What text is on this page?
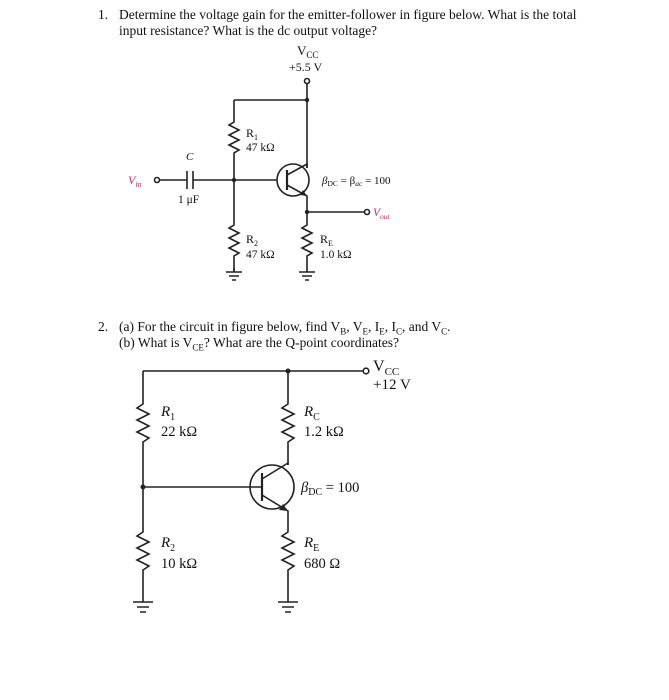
1. Determine the voltage gain for the emitter-follower in figure below. What is the total

input resistance? What is the dc output voltage?

2. (a) For the circuit in figure below, find $V_B$, $V_E$, $I_E$, $I_C$, and $V_C$.

(b) What is $V_{CE}$? What are the Q-point coordinates?

$V_{CC}$
+5.5 V
$R_1$
47 kΩ
$V_{in}$
C
1 μF
βDC = βac = 100
$V_{out}$
$R_2$
47 kΩ
$R_E$
1.0 kΩ
$V_{CC}$
+12 V
$R_1$
22 kΩ
$R_C$
1.2 kΩ
$\beta_{DC} = 100$
$R_2$
10 kΩ
$R_E$
680 Ω
